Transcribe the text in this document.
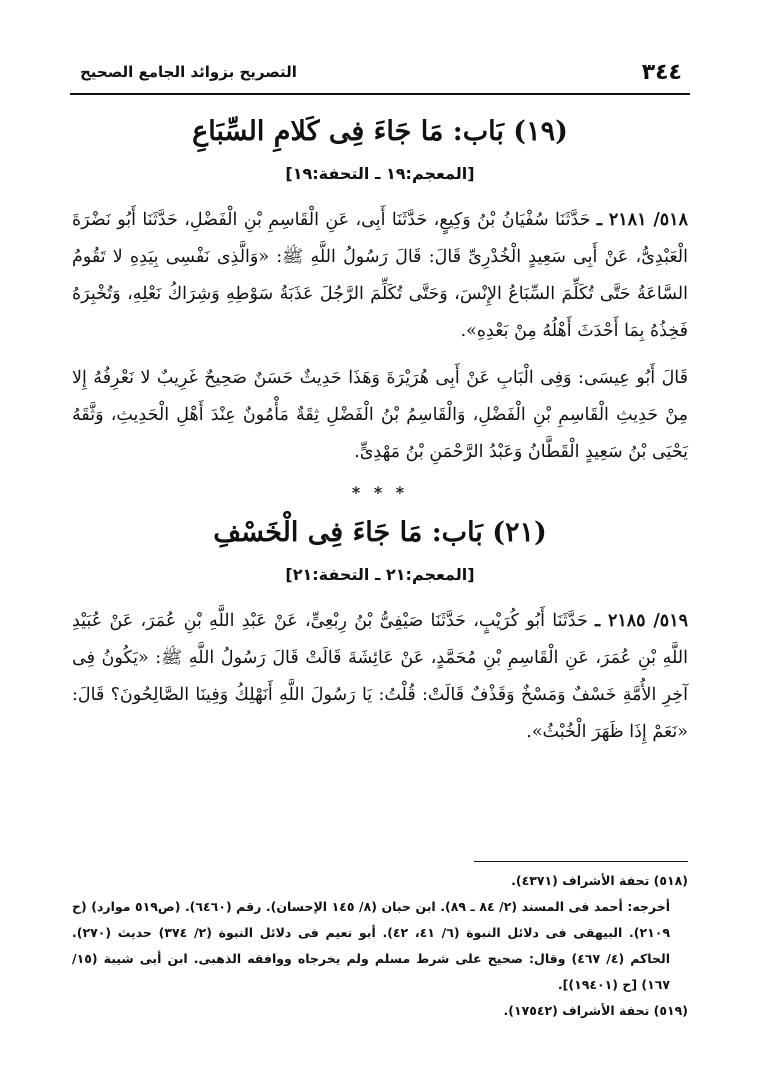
٣٤٤
التصريح بزوائد الجامع الصحيح
(١٩) بَاب: مَا جَاءَ فِى كَلامِ السِّبَاعِ
[المعجم:١٩ ـ التحفة:١٩]

٥١٨/ ٢١٨١ ـ حَدَّثَنَا سُفْيَانُ بْنُ وَكِيعٍ، حَدَّثَنَا أَبِى، عَنِ الْقَاسِمِ بْنِ الْفَضْلِ، حَدَّثَنَا أَبُو نَضْرَةَ الْعَبْدِىُّ، عَنْ أَبِى سَعِيدٍ الْخُدْرِىِّ قَالَ: قَالَ رَسُولُ اللَّهِ ﷺ: «وَالَّذِى نَفْسِى بِيَدِهِ لا تَقُومُ السَّاعَةُ حَتَّى تُكَلِّمَ السِّبَاعُ الإِنْسَ، وَحَتَّى تُكَلِّمَ الرَّجُلَ عَذَبَةُ سَوْطِهِ وَشِرَاكُ نَعْلِهِ، وَتُخْبِرَهُ فَخِذُهُ بِمَا أَحْدَثَ أَهْلُهُ مِنْ بَعْدِهِ».

قَالَ أَبُو عِيسَى: وَفِى الْبَابِ عَنْ أَبِى هُرَيْرَةَ وَهَذَا حَدِيثٌ حَسَنٌ صَحِيحٌ غَرِيبٌ لا نَعْرِفُهُ إِلا مِنْ حَدِيثِ الْقَاسِمِ بْنِ الْفَضْلِ، وَالْقَاسِمُ بْنُ الْفَضْلِ ثِقَةٌ مَأْمُونٌ عِنْدَ أَهْلِ الْحَدِيثِ، وَثَّقَهُ يَحْيَى بْنُ سَعِيدٍ الْقَطَّانُ وَعَبْدُ الرَّحْمَنِ بْنُ مَهْدِىٍّ.

* * *
(٢١) بَاب: مَا جَاءَ فِى الْخَسْفِ
[المعجم:٢١ ـ التحفة:٢١]

٥١٩/ ٢١٨٥ ـ حَدَّثَنَا أَبُو كُرَيْبٍ، حَدَّثَنَا صَيْفِىُّ بْنُ رِبْعِىٍّ، عَنْ عَبْدِ اللَّهِ بْنِ عُمَرَ، عَنْ عُبَيْدِ اللَّهِ بْنِ عُمَرَ، عَنِ الْقَاسِمِ بْنِ مُحَمَّدٍ، عَنْ عَائِشَةَ قَالَتْ قَالَ رَسُولُ اللَّهِ ﷺ: «يَكُونُ فِى آخِرِ الأُمَّةِ خَسْفٌ وَمَسْخٌ وَقَذْفٌ قَالَتْ: قُلْتُ: يَا رَسُولَ اللَّهِ أَنَهْلِكُ وَفِينَا الصَّالِحُونَ؟ قَالَ: «نَعَمْ إِذَا ظَهَرَ الْخُبْثُ».

(٥١٨) تحفة الأشراف (٤٣٧١).

أخرجه: أحمد فى المسند (٢/ ٨٤ ـ ٨٩). ابن حبان (٨/ ١٤٥ الإحسان). رقم (٦٤٦٠). (ص٥١٩ موارد) (ح ٢١٠٩). البيهقى فى دلائل النبوة (٦/ ٤١، ٤٢). أبو نعيم فى دلائل النبوة (٢/ ٣٧٤) حديث (٢٧٠). الحاكم (٤/ ٤٦٧) وقال: صحيح على شرط مسلم ولم يخرجاه ووافقه الذهبى. ابن أبى شيبة (١٥/ ١٦٧) [ح (١٩٤٠١)].

(٥١٩) تحفة الأشراف (١٧٥٤٢).
